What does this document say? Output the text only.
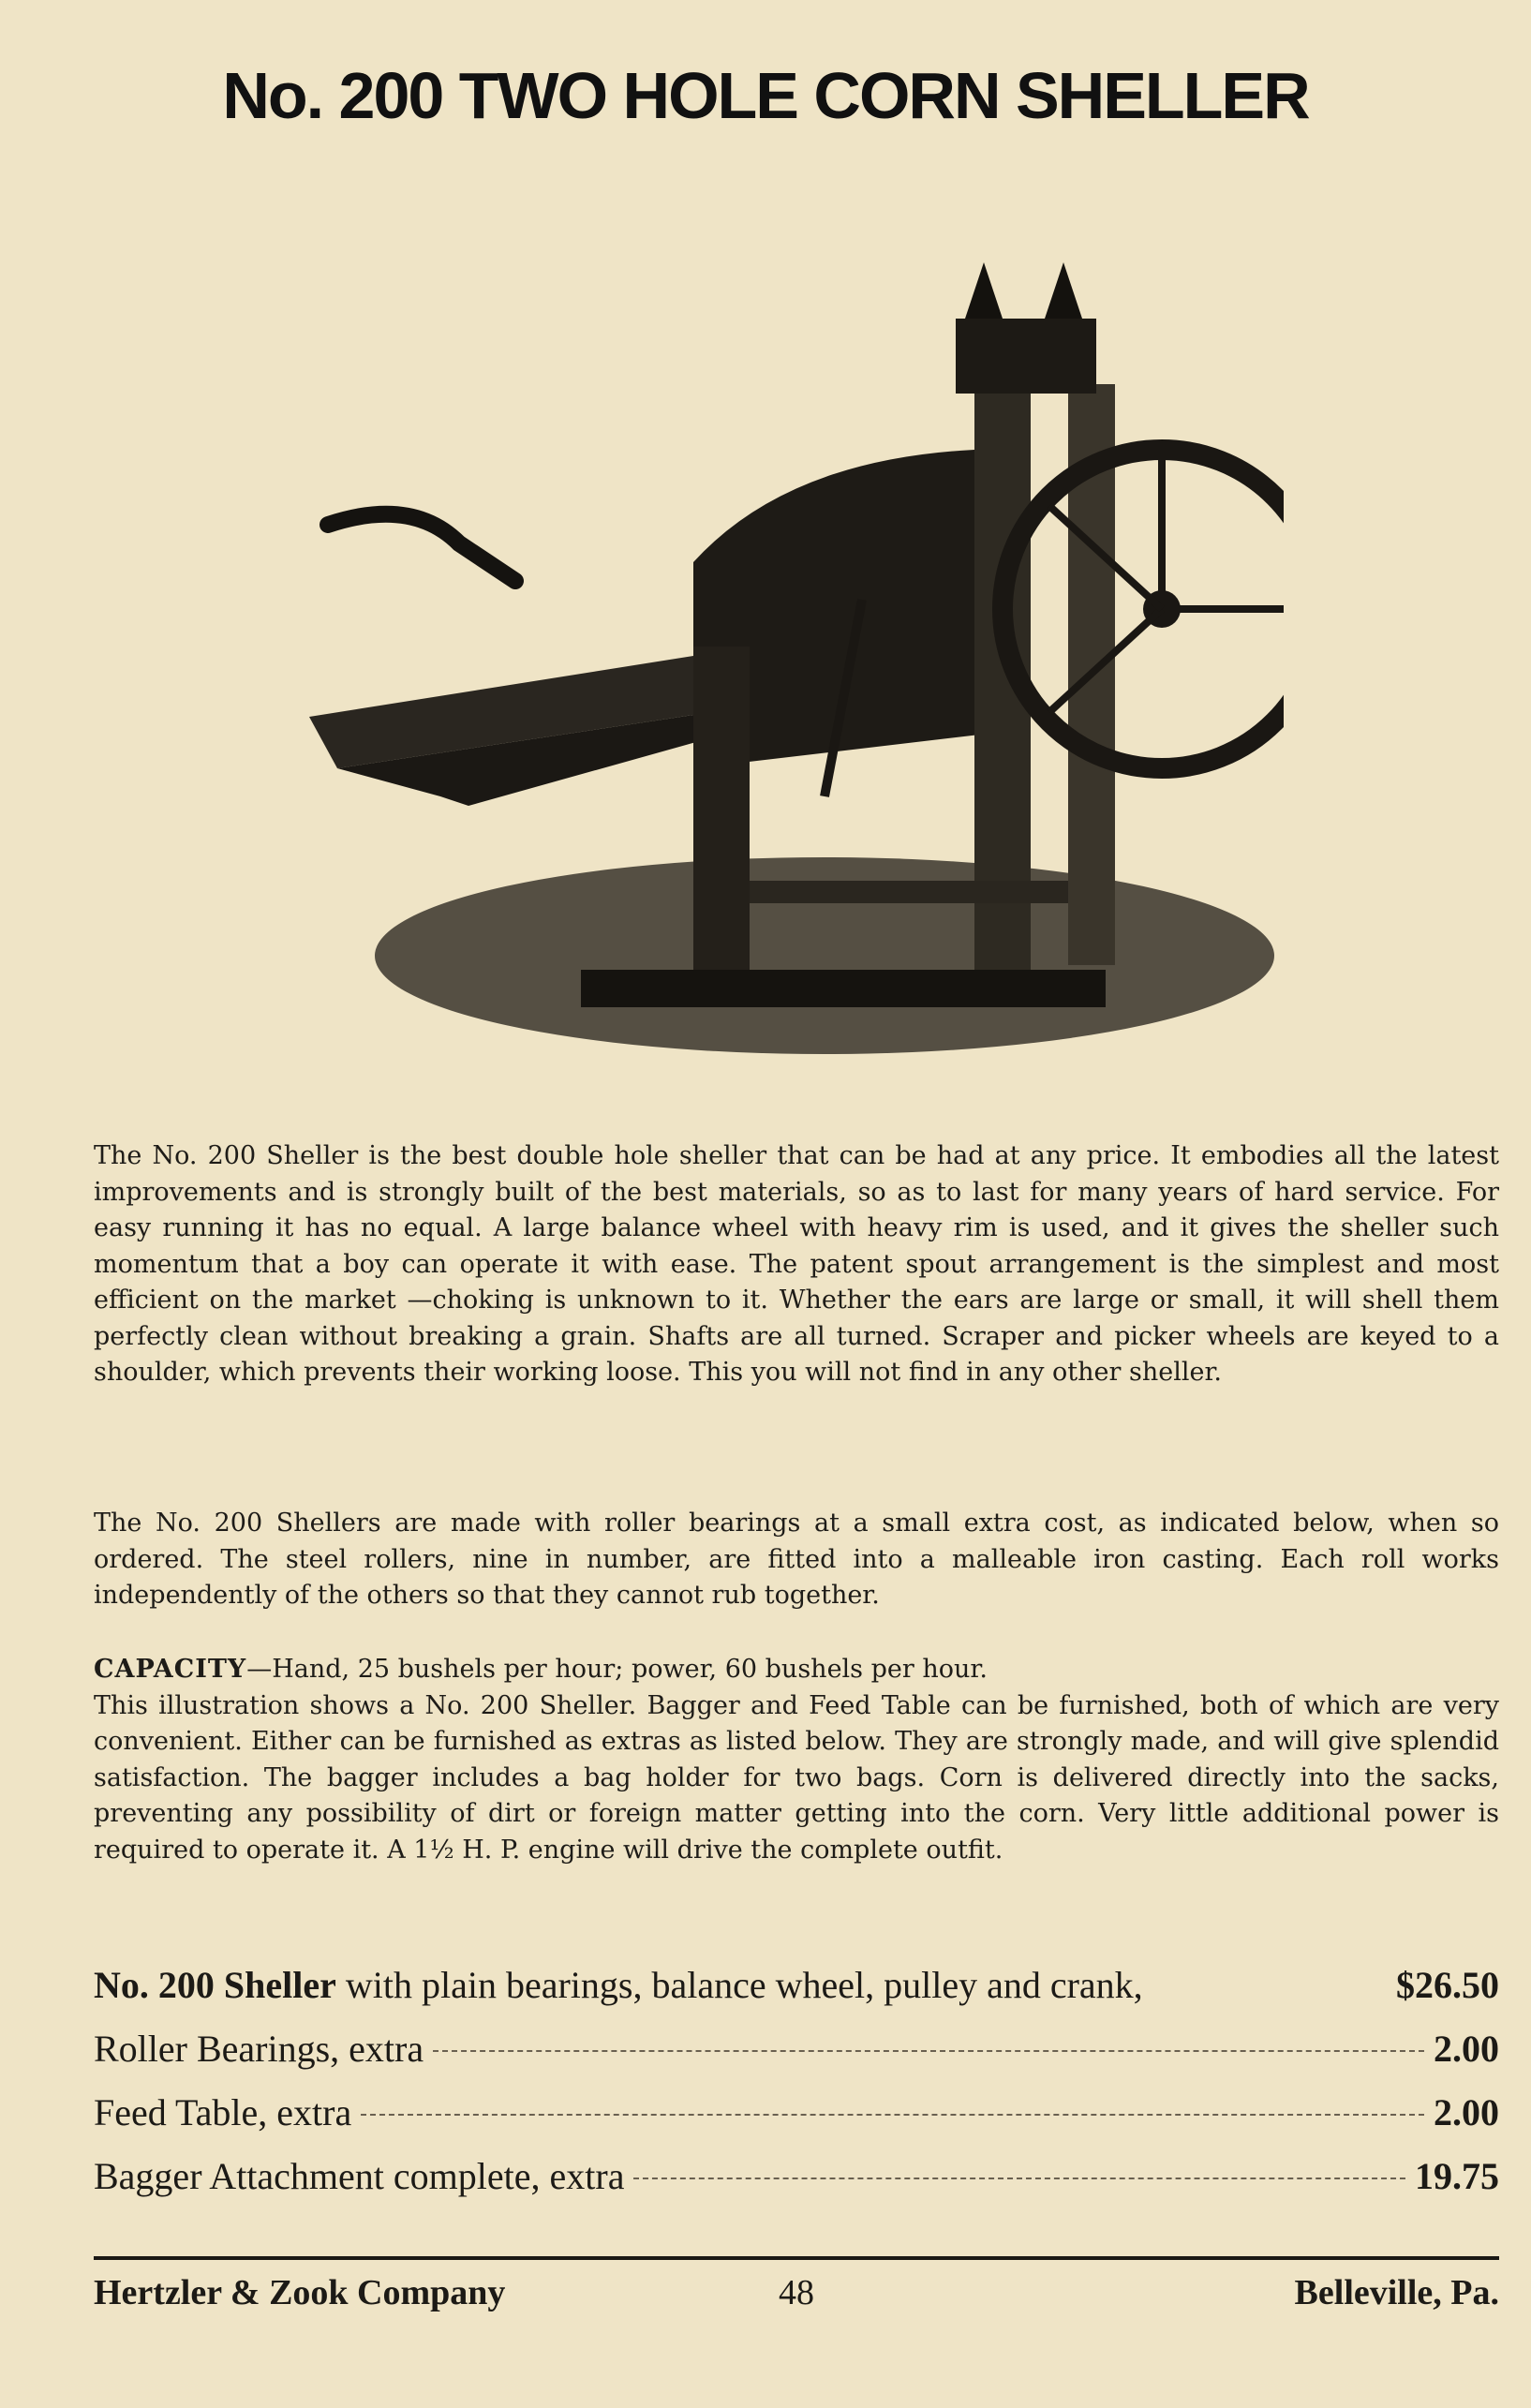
No. 200 TWO HOLE CORN SHELLER
The No. 200 Sheller is the best double hole sheller that can be had at any price. It embodies all the latest improvements and is strongly built of the best materials, so as to last for many years of hard service. For easy running it has no equal. A large balance wheel with heavy rim is used, and it gives the sheller such momentum that a boy can operate it with ease. The patent spout arrangement is the simplest and most efficient on the market —choking is unknown to it. Whether the ears are large or small, it will shell them perfectly clean without breaking a grain. Shafts are all turned. Scraper and picker wheels are keyed to a shoulder, which prevents their working loose. This you will not find in any other sheller.
The No. 200 Shellers are made with roller bearings at a small extra cost, as indicated below, when so ordered. The steel rollers, nine in number, are fitted into a malleable iron casting. Each roll works independently of the others so that they cannot rub together.
CAPACITY—Hand, 25 bushels per hour; power, 60 bushels per hour.
This illustration shows a No. 200 Sheller. Bagger and Feed Table can be furnished, both of which are very convenient. Either can be furnished as extras as listed below. They are strongly made, and will give splendid satisfaction. The bagger includes a bag holder for two bags. Corn is delivered directly into the sacks, preventing any possibility of dirt or foreign matter getting into the corn. Very little additional power is required to operate it. A 1½ H. P. engine will drive the complete outfit.
No. 200 Sheller with plain bearings, balance wheel, pulley and crank,	$26.50
Roller Bearings, extra	2.00
Feed Table, extra	2.00
Bagger Attachment complete, extra	19.75
48
Hertzler & Zook Company	Belleville, Pa.
